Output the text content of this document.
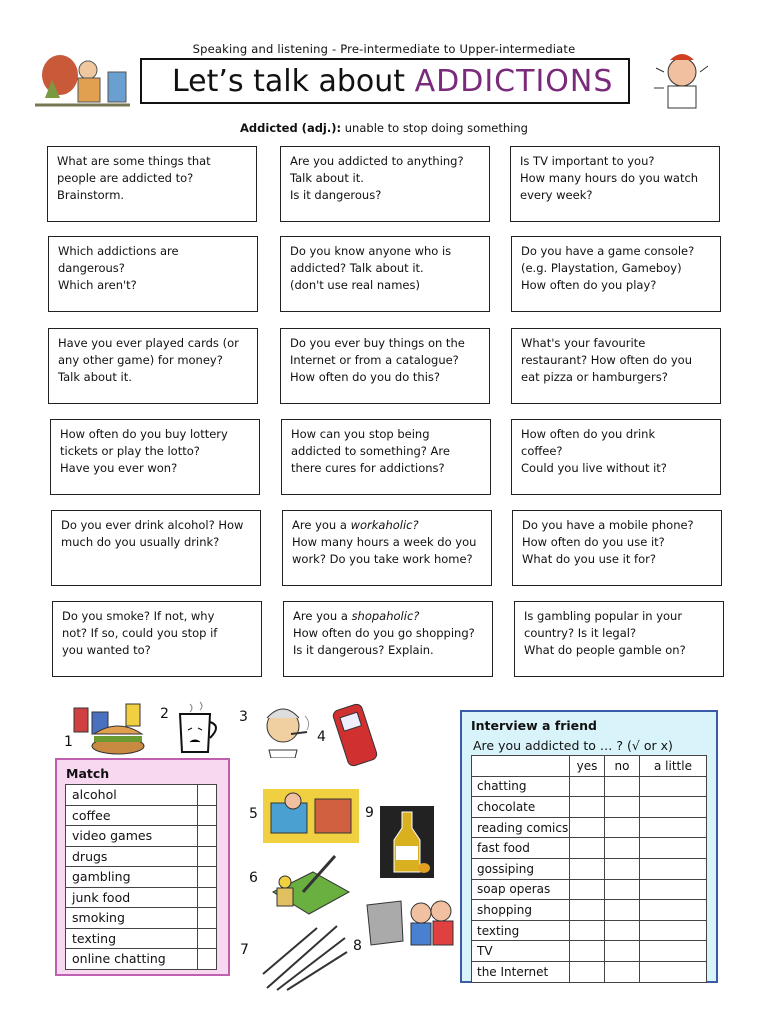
Speaking and listening - Pre-intermediate to Upper-intermediate
Let’s talk about ADDICTIONS
Addicted (adj.): unable to stop doing something
What are some things that
people are addicted to?
Brainstorm.
Are you addicted to anything?
Talk about it.
Is it dangerous?
Is TV important to you?
How many hours do you watch
every week?
Which addictions are
dangerous?
Which aren't?
Do you know anyone who is
addicted? Talk about it.
(don't use real names)
Do you have a game console?
(e.g. Playstation, Gameboy)
How often do you play?
Have you ever played cards (or
any other game) for money?
Talk about it.
Do you ever buy things on the
Internet or from a catalogue?
How often do you do this?
What's your favourite
restaurant? How often do you
eat pizza or hamburgers?
How often do you buy lottery
tickets or play the lotto?
Have you ever won?
How can you stop being
addicted to something? Are
there cures for addictions?
How often do you drink
coffee?
Could you live without it?
Do you ever drink alcohol? How
much do you usually drink?
Are you a workaholic?
How many hours a week do you
work? Do you take work home?
Do you have a mobile phone?
How often do you use it?
What do you use it for?
Do you smoke? If not, why
not? If so, could you stop if
you wanted to?
Are you a shopaholic?
How often do you go shopping?
Is it dangerous? Explain.
Is gambling popular in your
country? Is it legal?
What do people gamble on?
1
2	3
4
5
6
7	8
9
Match
alcohol	
coffee	
video games	
drugs	
gambling	
junk food	
smoking	
texting	
online chatting	
Interview a friend
Are you addicted to … ? (√ or x)
	yes	no	a little
chatting			
chocolate			
reading comics			
fast food			
gossiping			
soap operas			
shopping			
texting			
TV			
the Internet			
